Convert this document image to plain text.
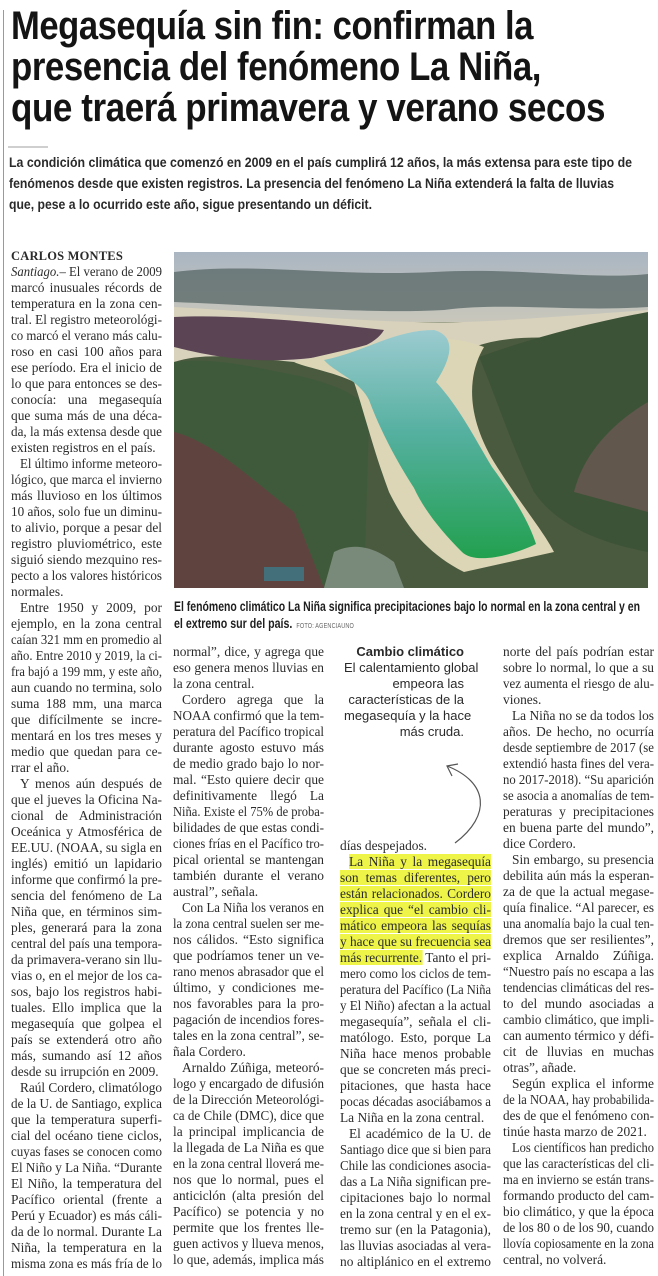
Megasequía sin fin: confirman la
presencia del fenómeno La Niña,
que traerá primavera y verano secos
La condición climática que comenzó en 2009 en el país cumplirá 12 años, la más extensa para este tipo de
fenómenos desde que existen registros. La presencia del fenómeno La Niña extenderá la falta de lluvias
que, pese a lo ocurrido este año, sigue presentando un déficit.
El fenómeno climático La Niña significa precipitaciones bajo lo normal en la zona central y en
el extremo sur del país. FOTO: AGENCIAUNO
CARLOS MONTES
Santiago.– El verano de 2009
marcó inusuales récords de
temperatura en la zona cen-
tral. El registro meteorológi-
co marcó el verano más calu-
roso en casi 100 años para
ese período. Era el inicio de
lo que para entonces se des-
conocía: una megasequía
que suma más de una déca-
da, la más extensa desde que
existen registros en el país.
El último informe meteoro-
lógico, que marca el invierno
más lluvioso en los últimos
10 años, solo fue un diminu-
to alivio, porque a pesar del
registro pluviométrico, este
siguió siendo mezquino res-
pecto a los valores históricos
normales.
Entre 1950 y 2009, por
ejemplo, en la zona central
caían 321 mm en promedio al
año. Entre 2010 y 2019, la ci-
fra bajó a 199 mm, y este año,
aun cuando no termina, solo
suma 188 mm, una marca
que difícilmente se incre-
mentará en los tres meses y
medio que quedan para ce-
rrar el año.
Y menos aún después de
que el jueves la Oficina Na-
cional de Administración
Oceánica y Atmosférica de
EE.UU. (NOAA, su sigla en
inglés) emitió un lapidario
informe que confirmó la pre-
sencia del fenómeno de La
Niña que, en términos sim-
ples, generará para la zona
central del país una tempora-
da primavera-verano sin llu-
vias o, en el mejor de los ca-
sos, bajo los registros habi-
tuales. Ello implica que la
megasequía que golpea el
país se extenderá otro año
más, sumando así 12 años
desde su irrupción en 2009.
Raúl Cordero, climatólogo
de la U. de Santiago, explica
que la temperatura superfi-
cial del océano tiene ciclos,
cuyas fases se conocen como
El Niño y La Niña. “Durante
El Niño, la temperatura del
Pacífico oriental (frente a
Perú y Ecuador) es más cáli-
da de lo normal. Durante La
Niña, la temperatura en la
misma zona es más fría de lo
normal”, dice, y agrega que
eso genera menos lluvias en
la zona central.
Cordero agrega que la
NOAA confirmó que la tem-
peratura del Pacífico tropical
durante agosto estuvo más
de medio grado bajo lo nor-
mal. “Esto quiere decir que
definitivamente llegó La
Niña. Existe el 75% de proba-
bilidades de que estas condi-
ciones frías en el Pacífico tro-
pical oriental se mantengan
también durante el verano
austral”, señala.
Con La Niña los veranos en
la zona central suelen ser me-
nos cálidos. “Esto significa
que podríamos tener un ve-
rano menos abrasador que el
último, y condiciones me-
nos favorables para la pro-
pagación de incendios fores-
tales en la zona central”, se-
ñala Cordero.
Arnaldo Zúñiga, meteoró-
logo y encargado de difusión
de la Dirección Meteorológi-
ca de Chile (DMC), dice que
la principal implicancia de
la llegada de La Niña es que
en la zona central lloverá me-
nos que lo normal, pues el
anticiclón (alta presión del
Pacífico) se potencia y no
permite que los frentes lle-
guen activos y llueva menos,
lo que, además, implica más
días despejados.
La Niña y la megasequía
son temas diferentes, pero
están relacionados. Cordero
explica que “el cambio cli-
mático empeora las sequías
y hace que su frecuencia sea
más recurrente. Tanto el pri-
mero como los ciclos de tem-
peratura del Pacífico (La Niña
y El Niño) afectan a la actual
megasequía”, señala el cli-
matólogo. Esto, porque La
Niña hace menos probable
que se concreten más preci-
pitaciones, que hasta hace
pocas décadas asociábamos a
La Niña en la zona central.
El académico de la U. de
Santiago dice que si bien para
Chile las condiciones asocia-
das a La Niña significan pre-
cipitaciones bajo lo normal
en la zona central y en el ex-
tremo sur (en la Patagonia),
las lluvias asociadas al vera-
no altiplánico en el extremo
norte del país podrían estar
sobre lo normal, lo que a su
vez aumenta el riesgo de alu-
viones.
La Niña no se da todos los
años. De hecho, no ocurría
desde septiembre de 2017 (se
extendió hasta fines del vera-
no 2017-2018). “Su aparición
se asocia a anomalías de tem-
peraturas y precipitaciones
en buena parte del mundo”,
dice Cordero.
Sin embargo, su presencia
debilita aún más la esperan-
za de que la actual megase-
quía finalice. “Al parecer, es
una anomalía bajo la cual ten-
dremos que ser resilientes”,
explica Arnaldo Zúñiga.
“Nuestro país no escapa a las
tendencias climáticas del res-
to del mundo asociadas a
cambio climático, que impli-
can aumento térmico y défi-
cit de lluvias en muchas
otras”, añade.
Según explica el informe
de la NOAA, hay probabilida-
des de que el fenómeno con-
tinúe hasta marzo de 2021.
Los científicos han predicho
que las características del cli-
ma en invierno se están trans-
formando producto del cam-
bio climático, y que la época
de los 80 o de los 90, cuando
llovía copiosamente en la zona
central, no volverá.
Cambio climático
El calentamiento global
empeora las
características de la
megasequía y la hace
más cruda.
